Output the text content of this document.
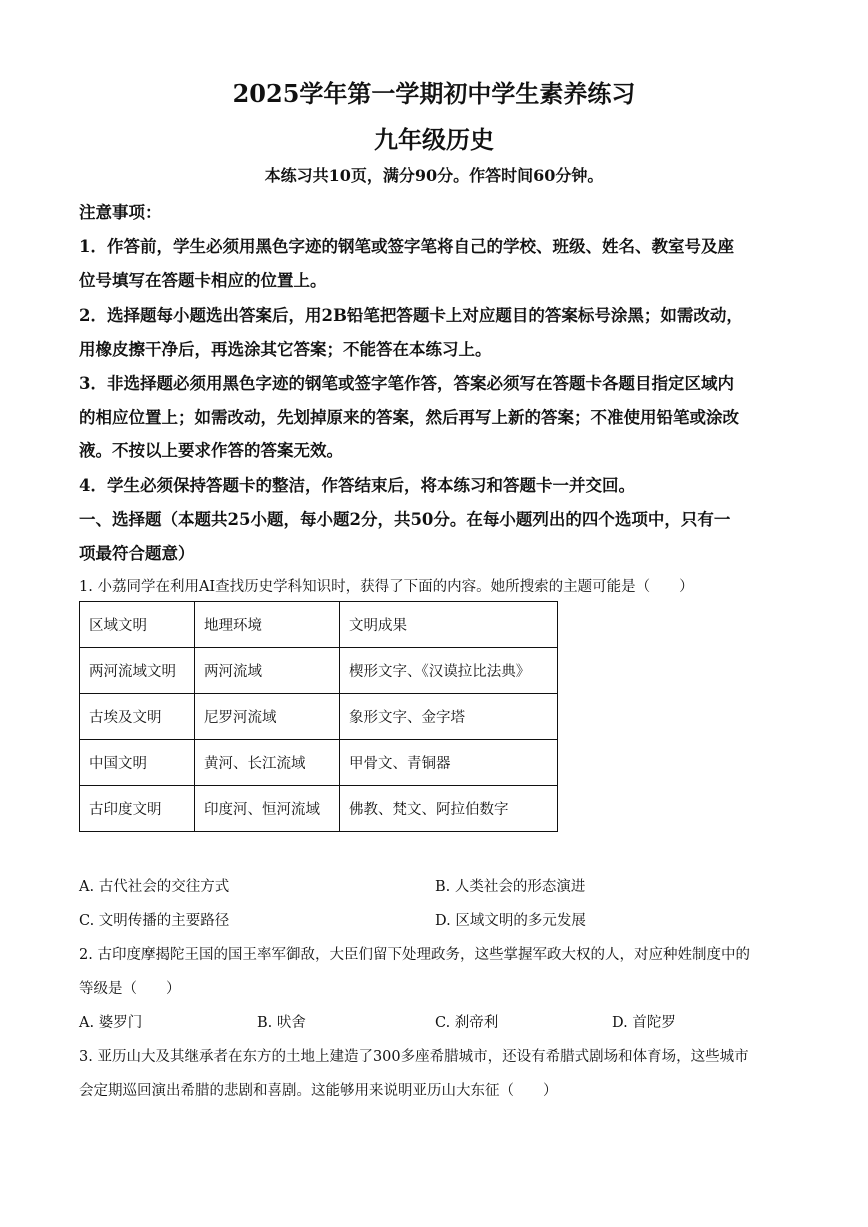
2025学年第一学期初中学生素养练习
九年级历史
本练习共10页，满分90分。作答时间60分钟。
注意事项：
1．作答前，学生必须用黑色字迹的钢笔或签字笔将自己的学校、班级、姓名、教室号及座
位号填写在答题卡相应的位置上。
2．选择题每小题选出答案后，用2B铅笔把答题卡上对应题目的答案标号涂黑；如需改动，
用橡皮擦干净后，再选涂其它答案；不能答在本练习上。
3．非选择题必须用黑色字迹的钢笔或签字笔作答，答案必须写在答题卡各题目指定区域内
的相应位置上；如需改动，先划掉原来的答案，然后再写上新的答案；不准使用铅笔或涂改
液。不按以上要求作答的答案无效。
4．学生必须保持答题卡的整洁，作答结束后，将本练习和答题卡一并交回。
一、选择题（本题共25小题，每小题2分，共50分。在每小题列出的四个选项中，只有一
项最符合题意）
1. 小荔同学在利用AI查找历史学科知识时，获得了下面的内容。她所搜索的主题可能是（　　）
区域文明	地理环境	文明成果
两河流域文明	两河流域	楔形文字、《汉谟拉比法典》
古埃及文明	尼罗河流域	象形文字、金字塔
中国文明	黄河、长江流域	甲骨文、青铜器
古印度文明	印度河、恒河流域	佛教、梵文、阿拉伯数字
A. 古代社会的交往方式	B. 人类社会的形态演进
C. 文明传播的主要路径	D. 区域文明的多元发展
2. 古印度摩揭陀王国的国王率军御敌，大臣们留下处理政务，这些掌握军政大权的人，对应种姓制度中的
等级是（　　）
A. 婆罗门	B. 吠舍	C. 刹帝利	D. 首陀罗
3. 亚历山大及其继承者在东方的土地上建造了300多座希腊城市，还设有希腊式剧场和体育场，这些城市
会定期巡回演出希腊的悲剧和喜剧。这能够用来说明亚历山大东征（　　）
